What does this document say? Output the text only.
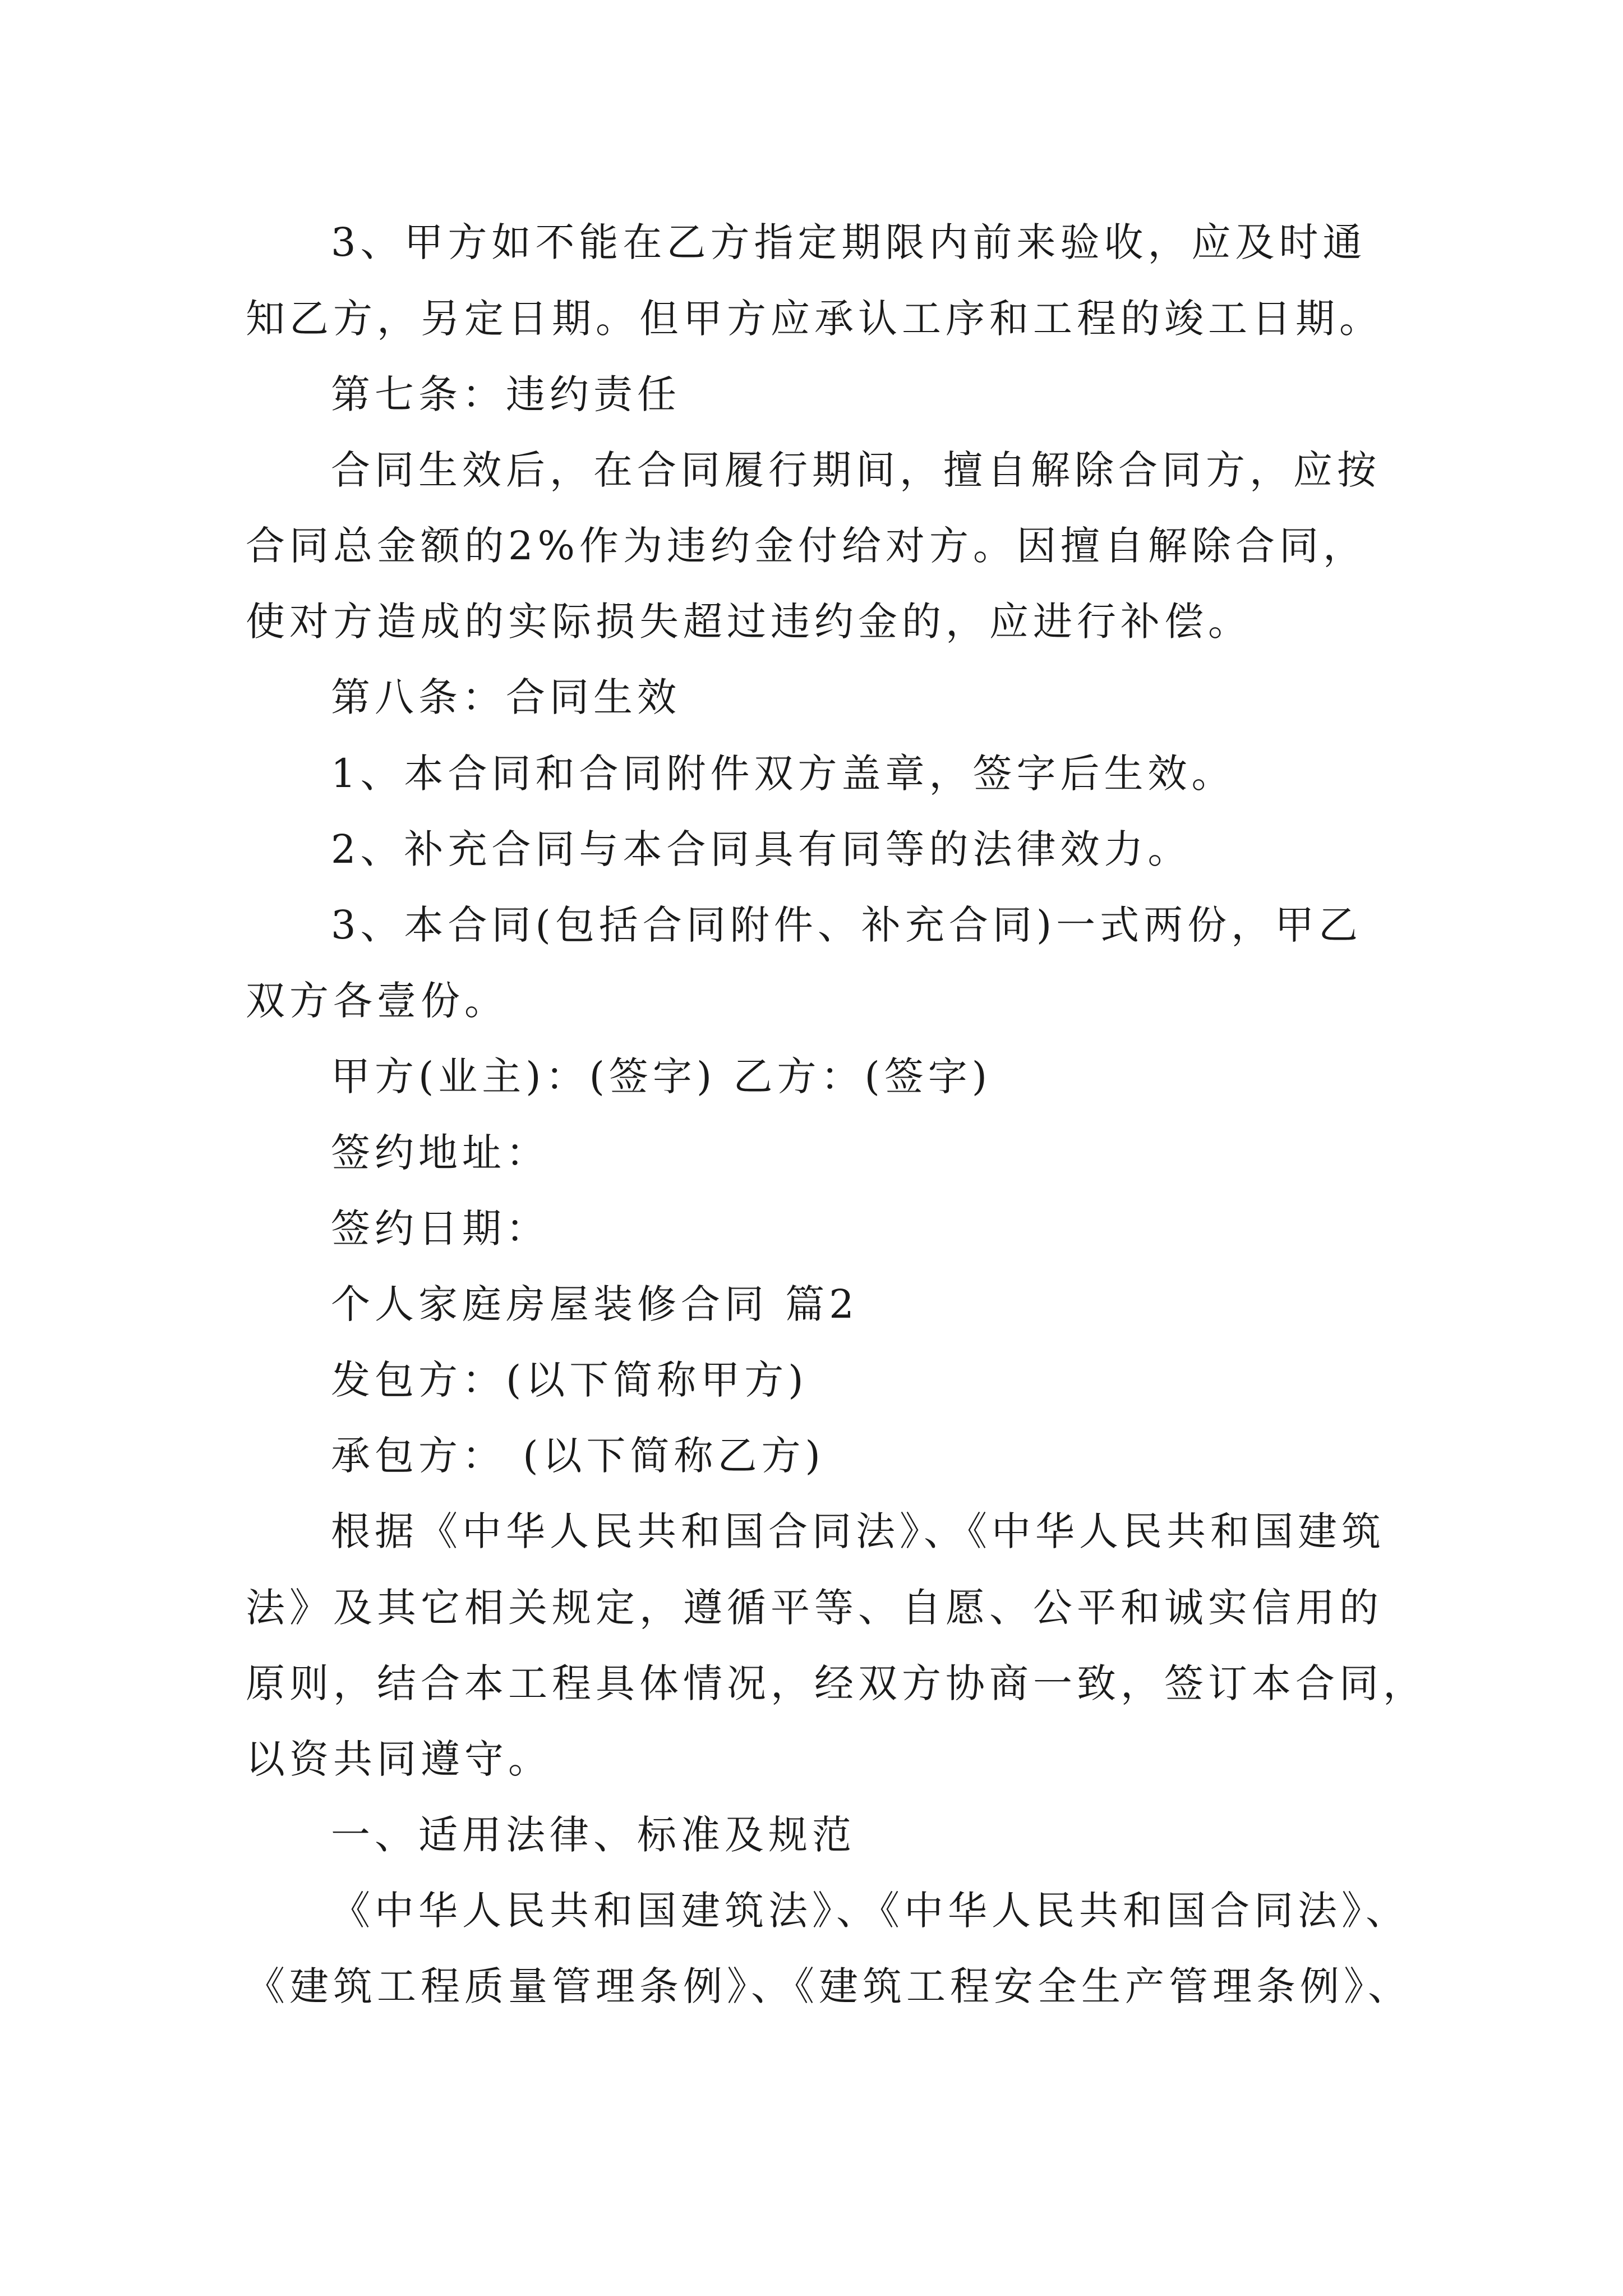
3、甲方如不能在乙方指定期限内前来验收，应及时通
知乙方，另定日期。但甲方应承认工序和工程的竣工日期。
第七条：违约责任
合同生效后，在合同履行期间，擅自解除合同方，应按
合同总金额的2%作为违约金付给对方。因擅自解除合同，
使对方造成的实际损失超过违约金的，应进行补偿。
第八条：合同生效
1、本合同和合同附件双方盖章，签字后生效。
2、补充合同与本合同具有同等的法律效力。
3、本合同(包括合同附件、补充合同)一式两份，甲乙
双方各壹份。
甲方(业主)：(签字) 乙方：(签字)
签约地址：
签约日期：
个人家庭房屋装修合同 篇2
发包方：(以下简称甲方)
承包方： (以下简称乙方)
根据《中华人民共和国合同法》、《中华人民共和国建筑
法》及其它相关规定，遵循平等、自愿、公平和诚实信用的
原则，结合本工程具体情况，经双方协商一致，签订本合同，
以资共同遵守。
一、适用法律、标准及规范
《中华人民共和国建筑法》、《中华人民共和国合同法》、
《建筑工程质量管理条例》、《建筑工程安全生产管理条例》、
